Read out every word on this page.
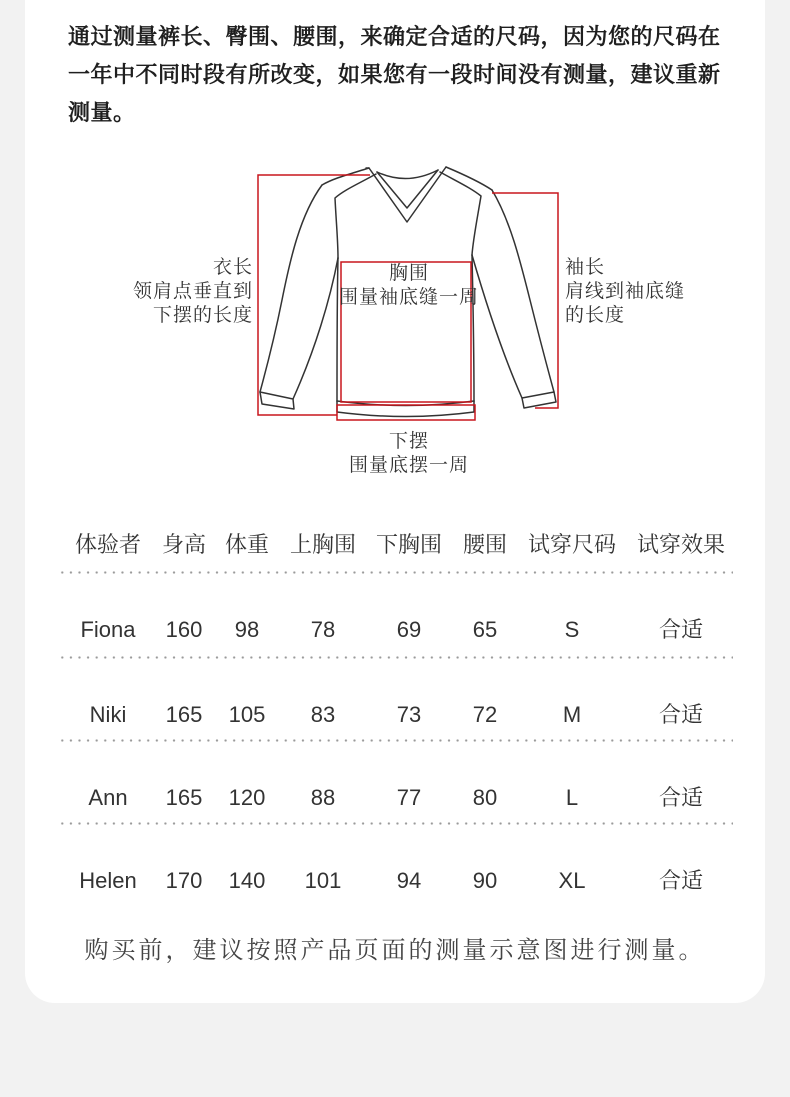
通过测量裤长、臀围、腰围，来确定合适的尺码，因为您的尺码在
一年中不同时段有所改变，如果您有一段时间没有测量，建议重新
测量。
衣长
领肩点垂直到
下摆的长度
胸围
围量袖底缝一周
袖长
肩线到袖底缝
的长度
下摆
围量底摆一周
体验者 身高 体重 上胸围 下胸围 腰围 试穿尺码 试穿效果
Fiona 160 98 78	69 65	S	合适
Niki 165 105 83	73 72	M	合适
Ann 165 120 88	77 80	L	合适
Helen 170 140 101	94 90	XL	合适
购买前，建议按照产品页面的测量示意图进行测量。
